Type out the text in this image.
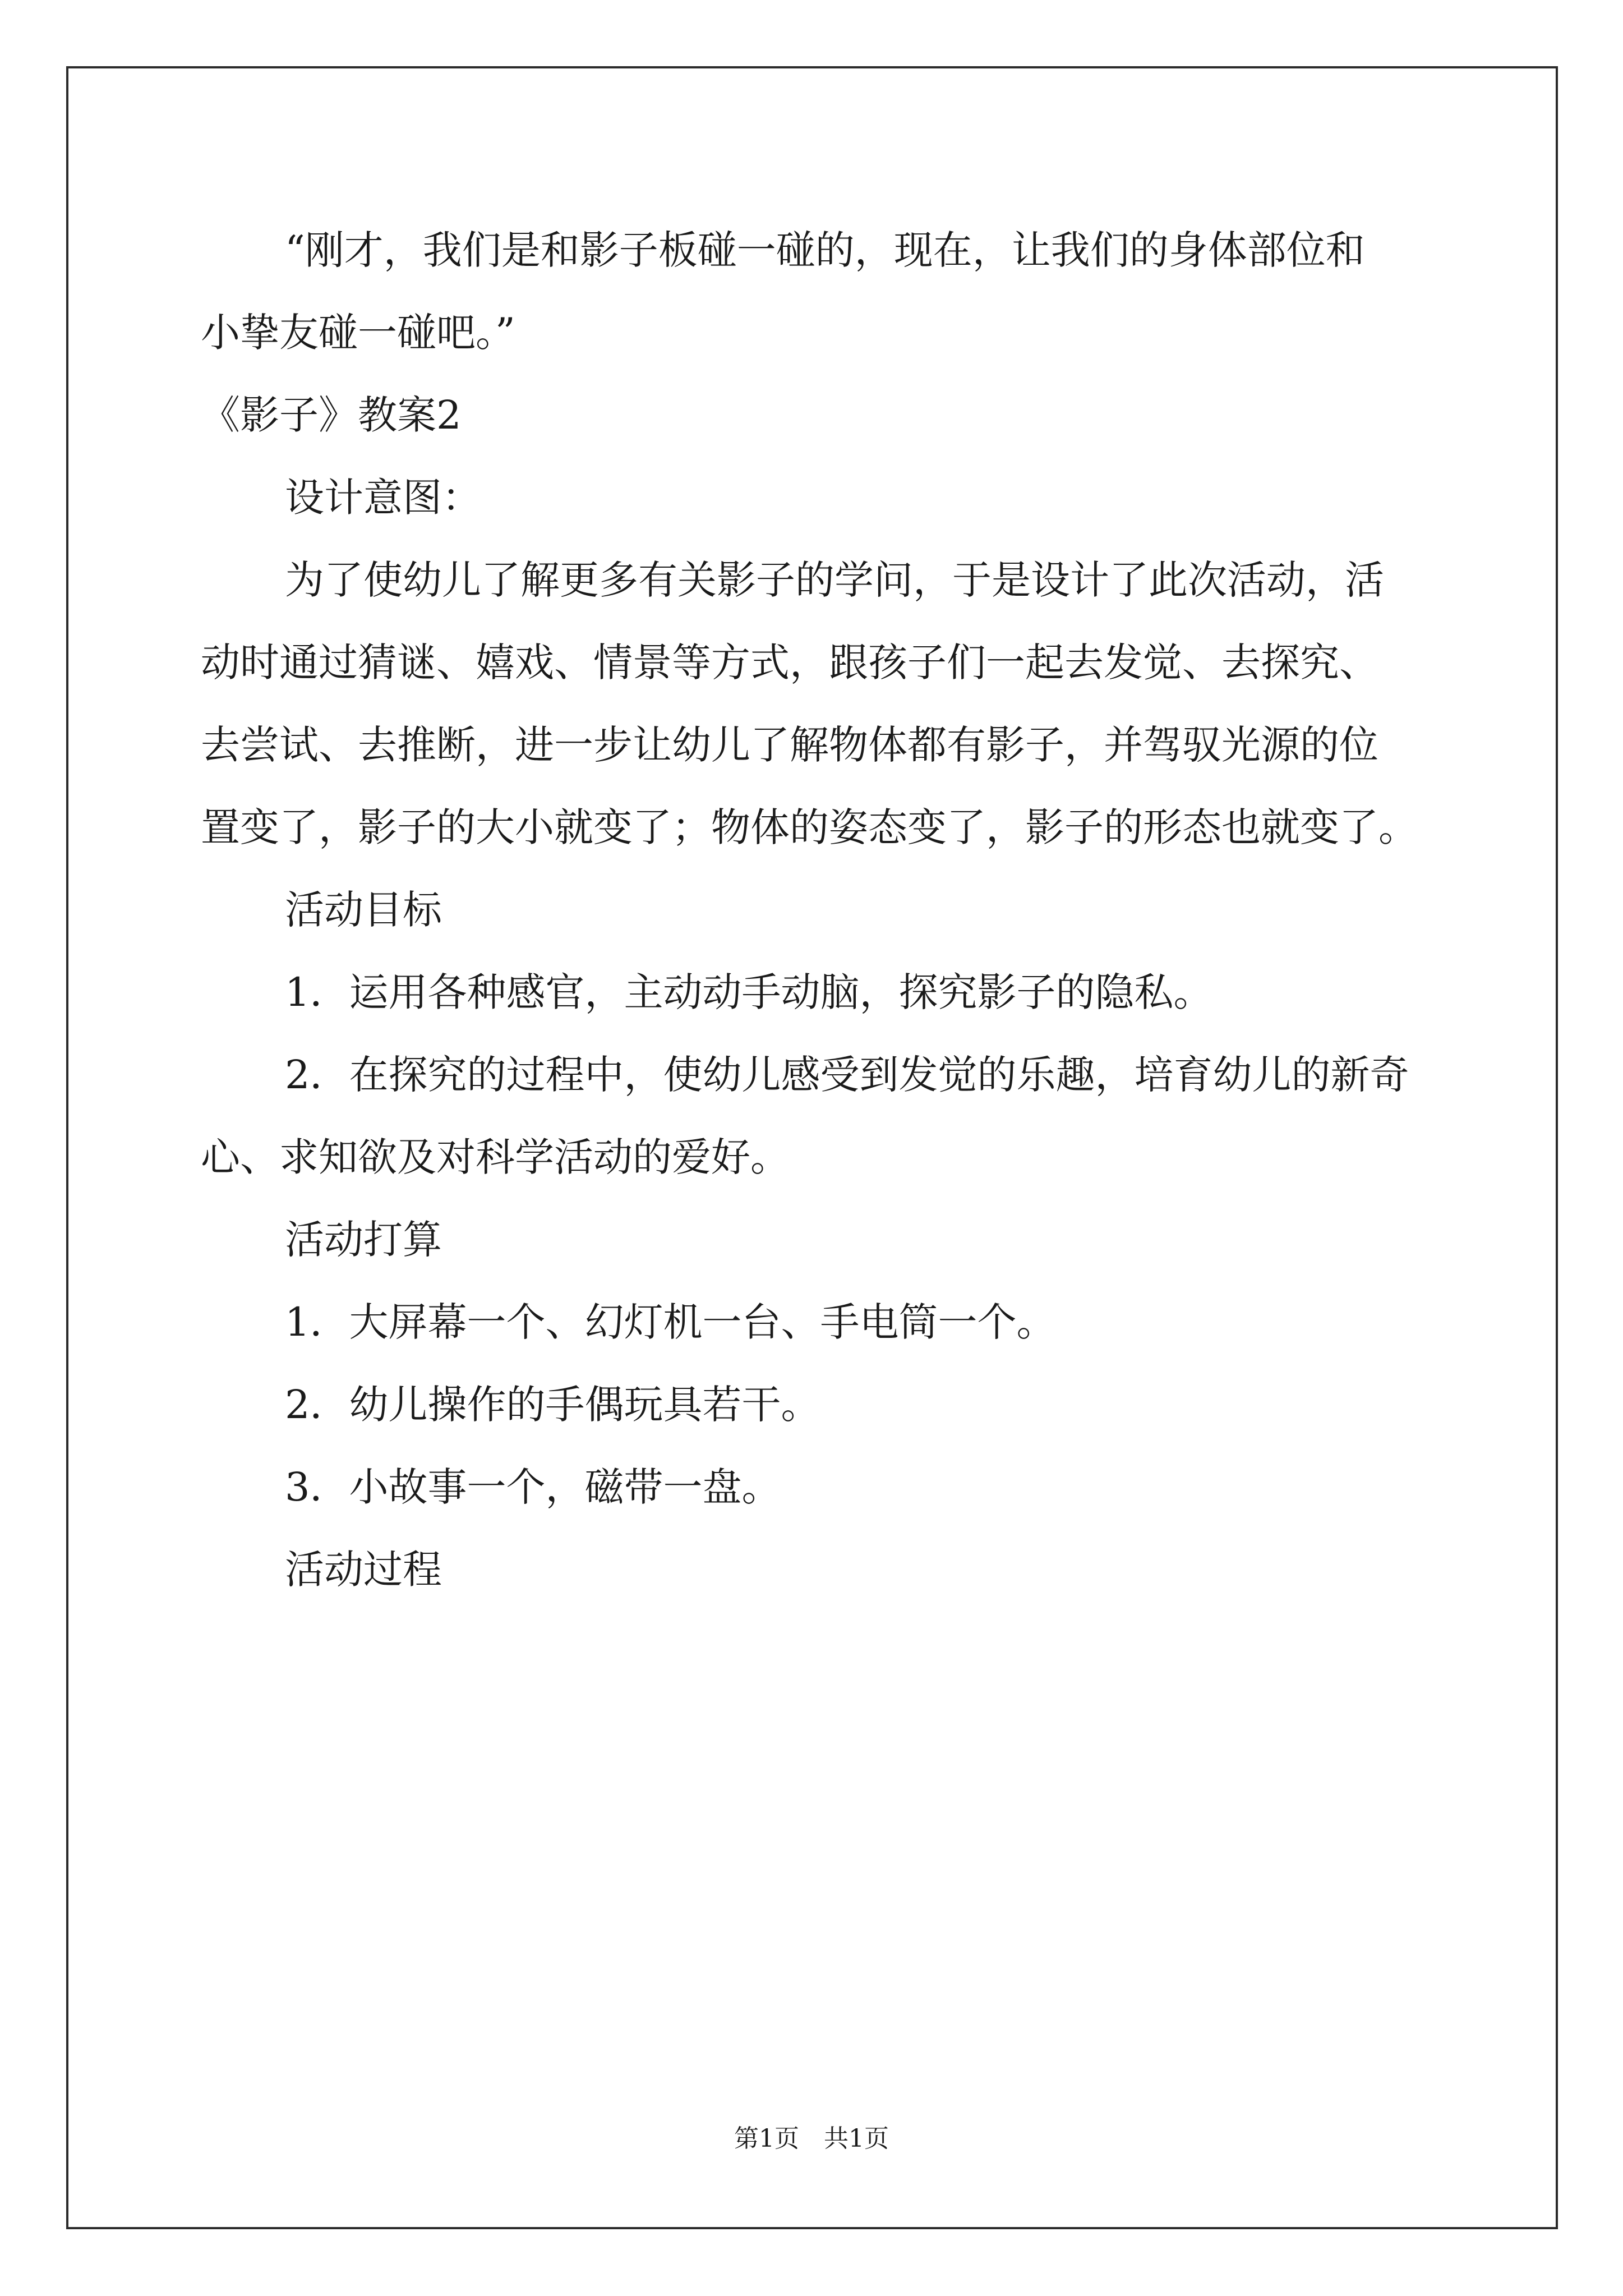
“刚才，我们是和影子板碰一碰的，现在，让我们的身体部位和
小挚友碰一碰吧。”
《影子》教案2
设计意图：
为了使幼儿了解更多有关影子的学问，于是设计了此次活动，活
动时通过猜谜、嬉戏、情景等方式，跟孩子们一起去发觉、去探究、
去尝试、去推断，进一步让幼儿了解物体都有影子，并驾驭光源的位
置变了，影子的大小就变了；物体的姿态变了，影子的形态也就变了。
活动目标
1．运用各种感官，主动动手动脑，探究影子的隐私。
2．在探究的过程中，使幼儿感受到发觉的乐趣，培育幼儿的新奇
心、求知欲及对科学活动的爱好。
活动打算
1．大屏幕一个、幻灯机一台、手电筒一个。
2．幼儿操作的手偶玩具若干。
3．小故事一个，磁带一盘。
活动过程
第1页　共1页
